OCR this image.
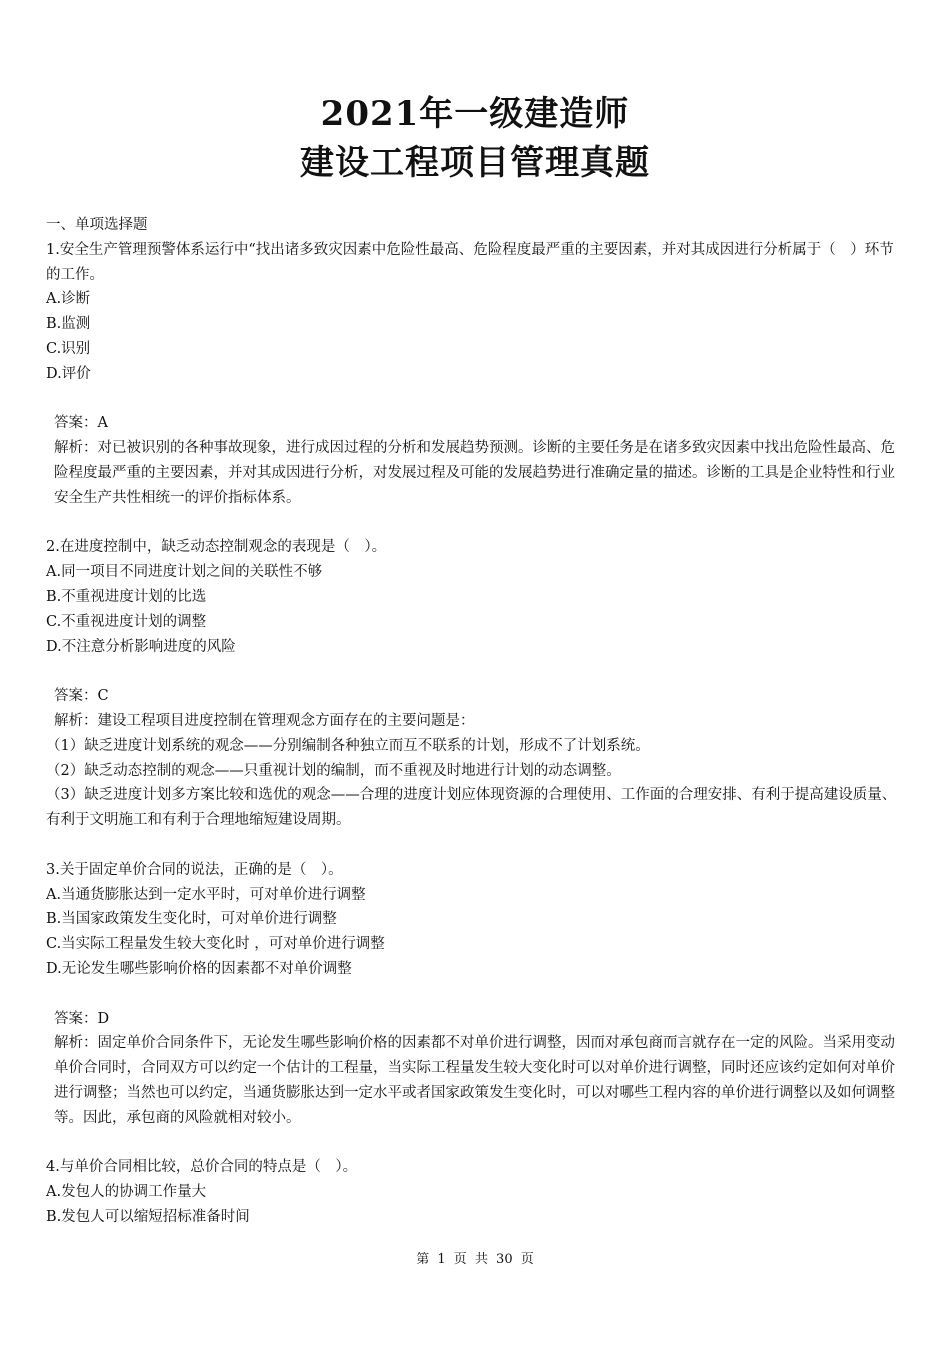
2021年一级建造师
建设工程项目管理真题

一、单项选择题

1.安全生产管理预警体系运行中“找出诸多致灾因素中危险性最高、危险程度最严重的主要因素，并对其成因进行分析属于（　）环节的工作。

A.诊断

B.监测

C.识别

D.评价

答案：A

解析：对已被识别的各种事故现象，进行成因过程的分析和发展趋势预测。诊断的主要任务是在诸多致灾因素中找出危险性最高、危险程度最严重的主要因素，并对其成因进行分析，对发展过程及可能的发展趋势进行准确定量的描述。诊断的工具是企业特性和行业安全生产共性相统一的评价指标体系。

2.在进度控制中，缺乏动态控制观念的表现是（　）。

A.同一项目不同进度计划之间的关联性不够

B.不重视进度计划的比选

C.不重视进度计划的调整

D.不注意分析影响进度的风险

答案：C

解析：建设工程项目进度控制在管理观念方面存在的主要问题是：

（1）缺乏进度计划系统的观念——分别编制各种独立而互不联系的计划，形成不了计划系统。

（2）缺乏动态控制的观念——只重视计划的编制，而不重视及时地进行计划的动态调整。

（3）缺乏进度计划多方案比较和选优的观念——合理的进度计划应体现资源的合理使用、工作面的合理安排、有利于提高建设质量、有利于文明施工和有利于合理地缩短建设周期。

3.关于固定单价合同的说法，正确的是（　）。

A.当通货膨胀达到一定水平时，可对单价进行调整

B.当国家政策发生变化时，可对单价进行调整

C.当实际工程量发生较大变化时 ，可对单价进行调整

D.无论发生哪些影响价格的因素都不对单价调整

答案：D

解析：固定单价合同条件下，无论发生哪些影响价格的因素都不对单价进行调整，因而对承包商而言就存在一定的风险。当采用变动单价合同时，合同双方可以约定一个估计的工程量，当实际工程量发生较大变化时可以对单价进行调整，同时还应该约定如何对单价进行调整；当然也可以约定，当通货膨胀达到一定水平或者国家政策发生变化时，可以对哪些工程内容的单价进行调整以及如何调整等。因此，承包商的风险就相对较小。

4.与单价合同相比较，总价合同的特点是（　）。

A.发包人的协调工作量大

B.发包人可以缩短招标准备时间

第 1 页 共 30 页
